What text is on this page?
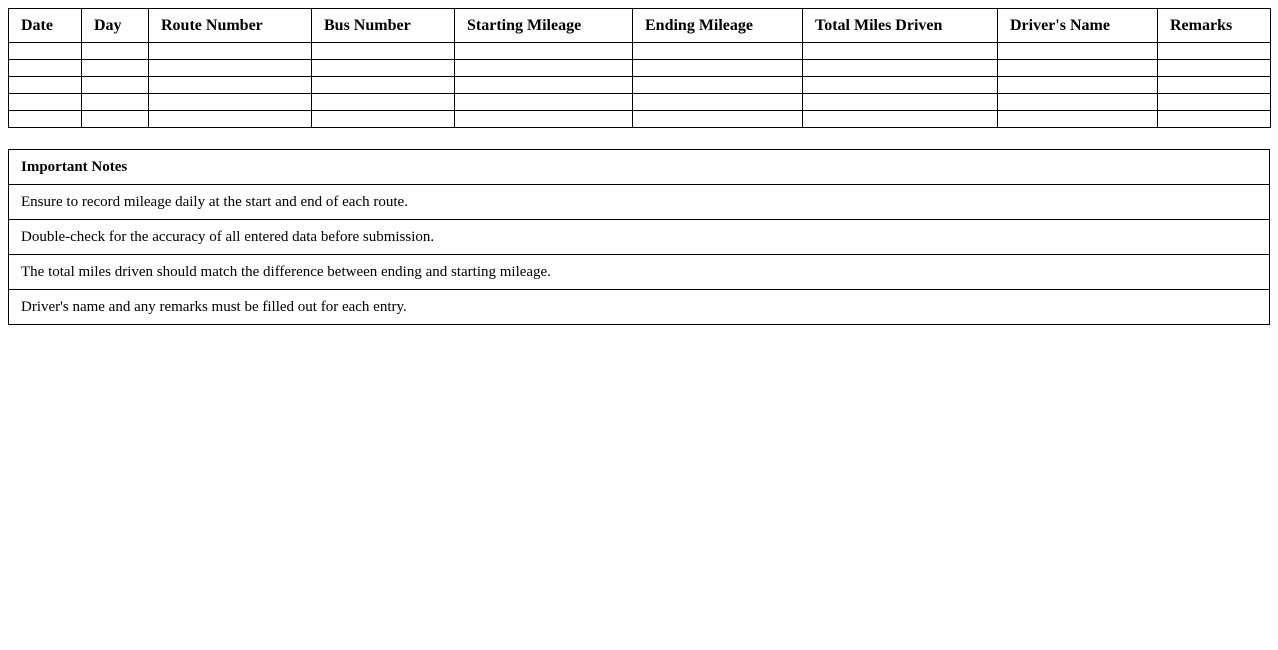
Date	Day	Route Number	Bus Number	Starting Mileage	Ending Mileage	Total Miles Driven	Driver's Name	Remarks

Important Notes
Ensure to record mileage daily at the start and end of each route.
Double-check for the accuracy of all entered data before submission.
The total miles driven should match the difference between ending and starting mileage.
Driver's name and any remarks must be filled out for each entry.
